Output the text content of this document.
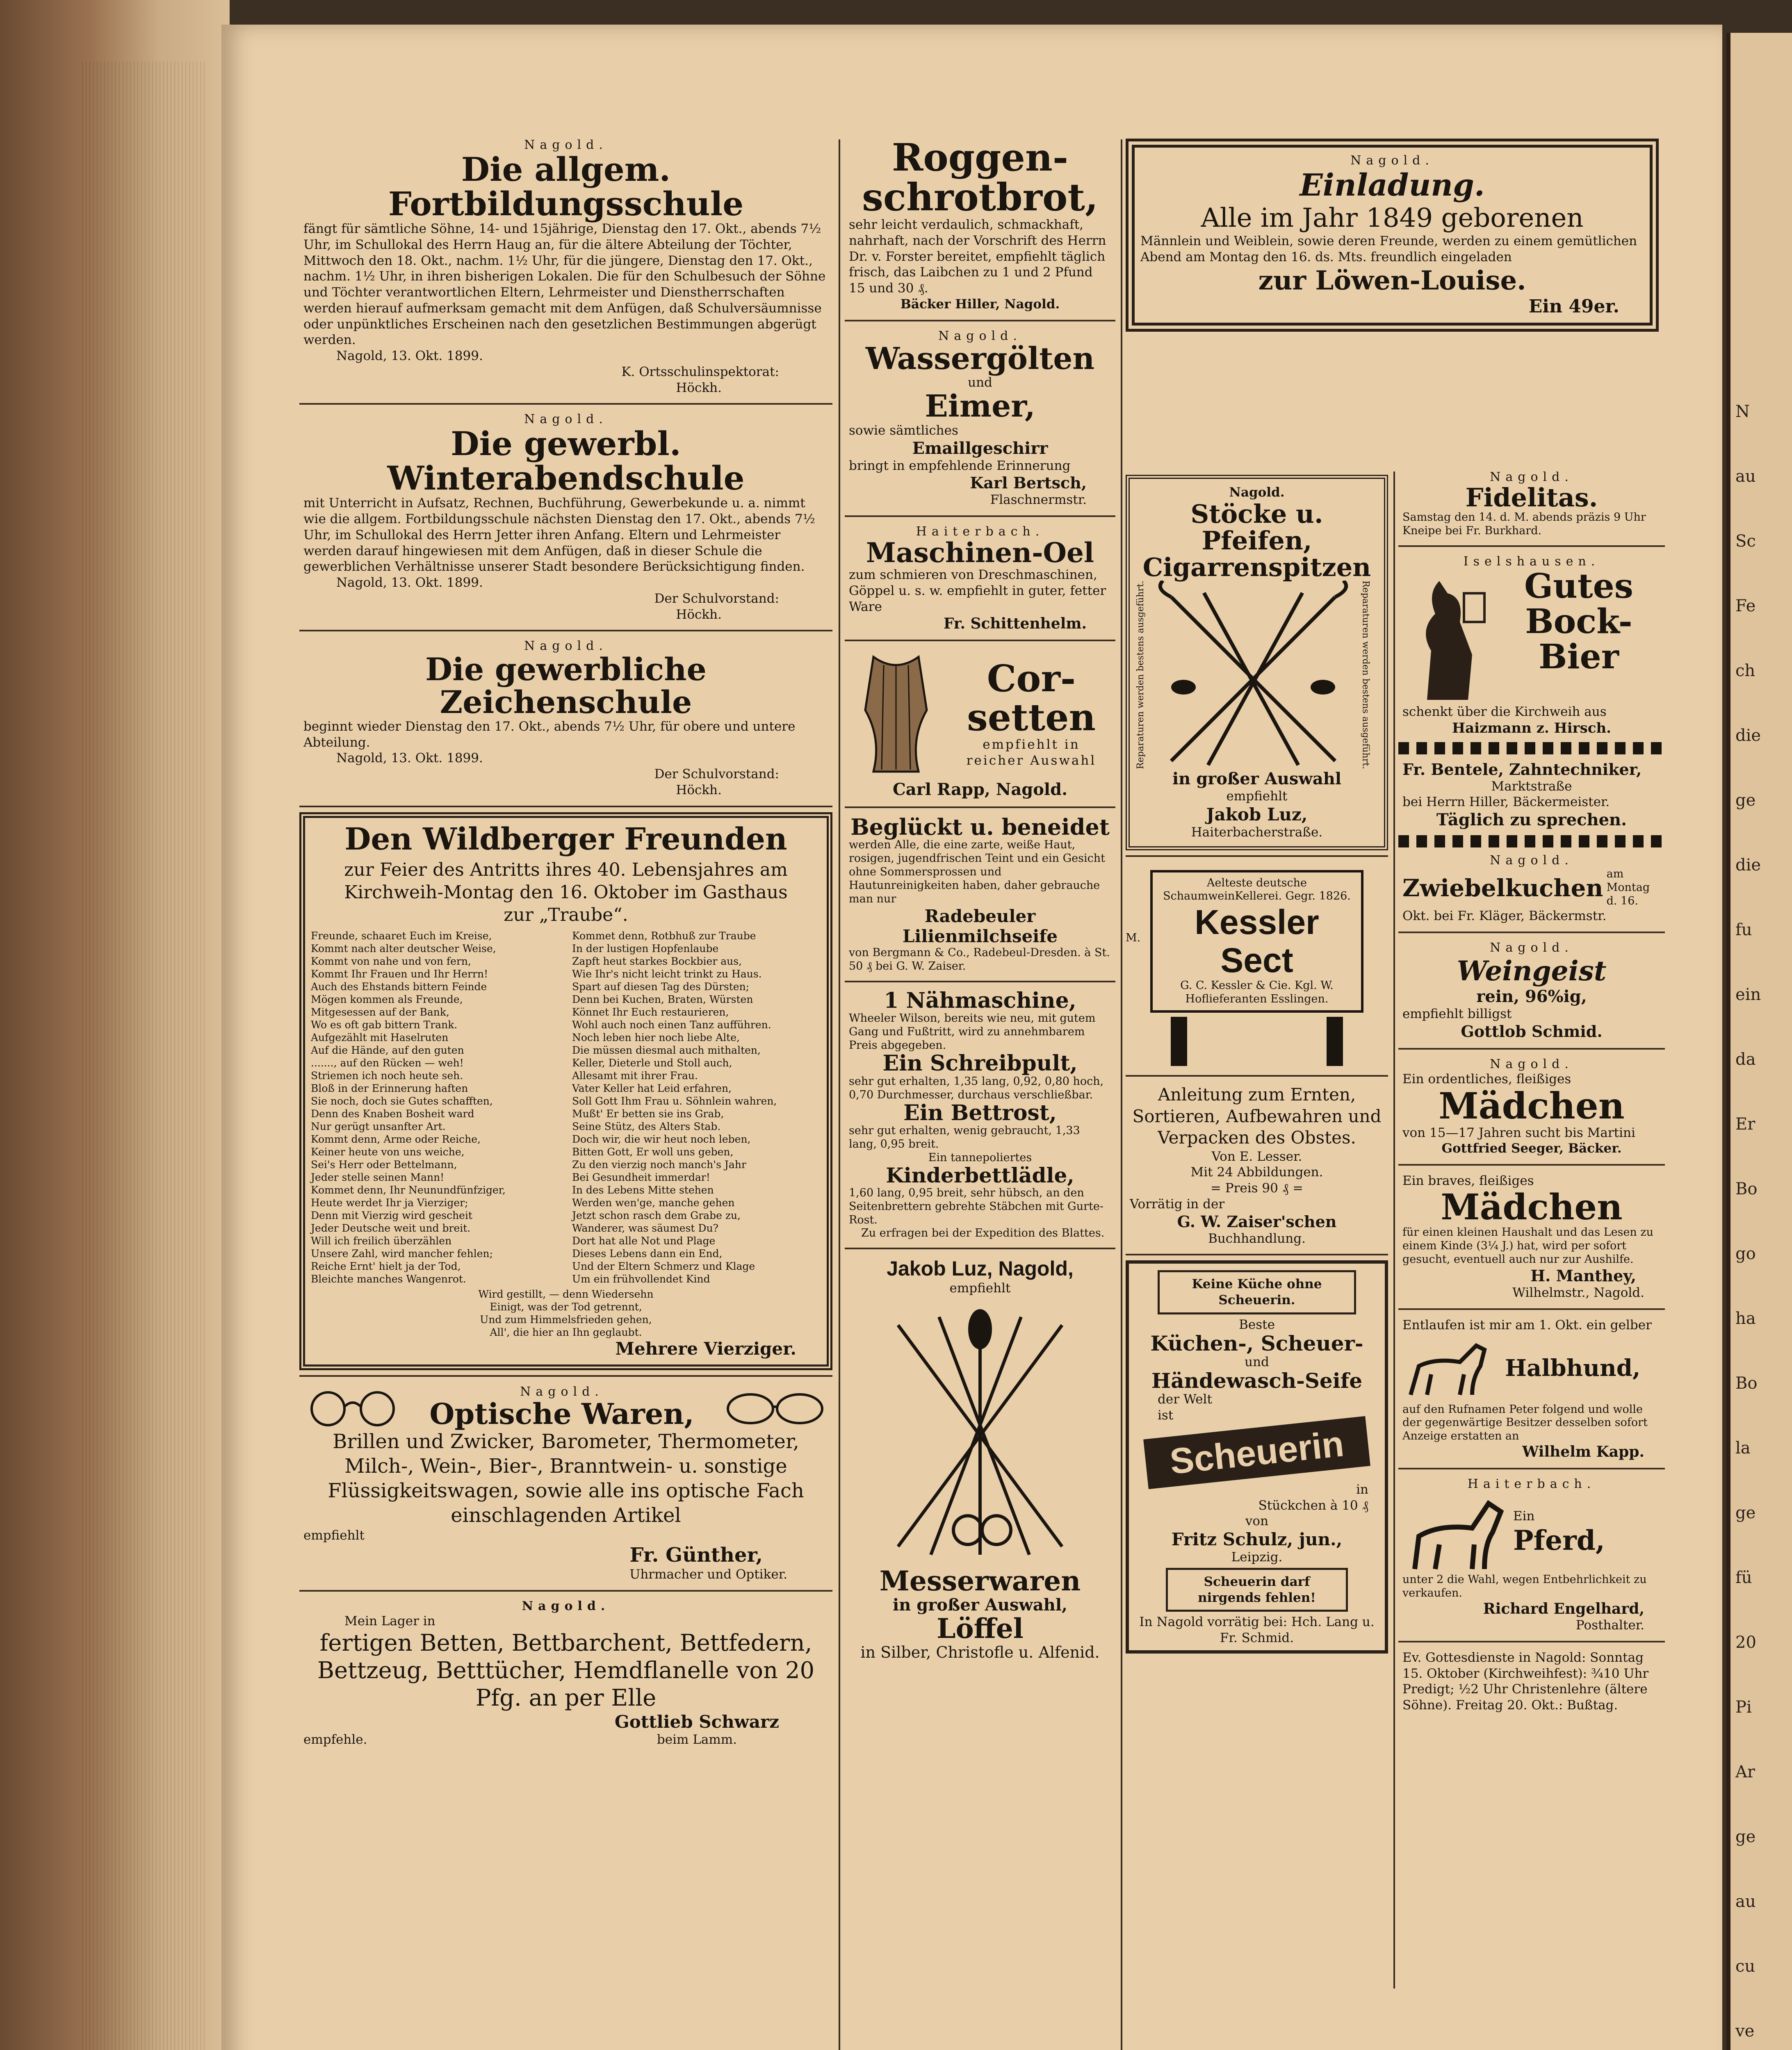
N
au
Sc
Fe
ch
die
ge
die
fu
ein
da
Er
Bo
go
ha
Bo
la
ge
fü
20
Pi
Ar
ge
au
cu
ve
Nagold.
Die allgem. Fortbildungsschule
fängt für sämtliche Söhne, 14- und 15jährige, Dienstag den 17. Okt., abends 7½ Uhr, im Schullokal des Herrn Haug an, für die ältere Abteilung der Töchter, Mittwoch den 18. Okt., nachm. 1½ Uhr, für die jüngere, Dienstag den 17. Okt., nachm. 1½ Uhr, in ihren bisherigen Lokalen. Die für den Schulbesuch der Söhne und Töchter verantwortlichen Eltern, Lehrmeister und Dienstherrschaften werden hierauf aufmerksam gemacht mit dem Anfügen, daß Schulversäumnisse oder unpünktliches Erscheinen nach den gesetzlichen Bestimmungen abgerügt werden.
Nagold, 13. Okt. 1899.
K. Ortsschulinspektorat:
Höckh.
Nagold.
Die gewerbl. Winterabendschule
mit Unterricht in Aufsatz, Rechnen, Buchführung, Gewerbekunde u. a. nimmt wie die allgem. Fortbildungsschule nächsten Dienstag den 17. Okt., abends 7½ Uhr, im Schullokal des Herrn Jetter ihren Anfang. Eltern und Lehrmeister werden darauf hingewiesen mit dem Anfügen, daß in dieser Schule die gewerblichen Verhältnisse unserer Stadt besondere Berücksichtigung finden.
Nagold, 13. Okt. 1899.
Der Schulvorstand:
Höckh.
Nagold.
Die gewerbliche Zeichenschule
beginnt wieder Dienstag den 17. Okt., abends 7½ Uhr, für obere und untere Abteilung.
Nagold, 13. Okt. 1899.
Der Schulvorstand:
Höckh.
Den Wildberger Freunden
zur Feier des Antritts ihres 40. Lebensjahres am Kirchweih-Montag den 16. Oktober im Gasthaus zur „Traube“.
Freunde, schaaret Euch im Kreise,
Kommt nach alter deutscher Weise,
Kommt von nahe und von fern,
Kommt Ihr Frauen und Ihr Herrn!
Auch des Ehstands bittern Feinde
Mögen kommen als Freunde,
Mitgesessen auf der Bank,
Wo es oft gab bittern Trank.
Aufgezählt mit Haselruten
Auf die Hände, auf den guten
......., auf den Rücken — weh!
Striemen ich noch heute seh.
Bloß in der Erinnerung haften
Sie noch, doch sie Gutes schafften,
Denn des Knaben Bosheit ward
Nur gerügt unsanfter Art.
Kommt denn, Arme oder Reiche,
Keiner heute von uns weiche,
Sei's Herr oder Bettelmann,
Jeder stelle seinen Mann!
Kommet denn, Ihr Neunundfünfziger,
Heute werdet Ihr ja Vierziger;
Denn mit Vierzig wird gescheit
Jeder Deutsche weit und breit.
Will ich freilich überzählen
Unsere Zahl, wird mancher fehlen;
Reiche Ernt' hielt ja der Tod,
Bleichte manches Wangenrot.
Kommet denn, Rotbhuß zur Traube
In der lustigen Hopfenlaube
Zapft heut starkes Bockbier aus,
Wie Ihr's nicht leicht trinkt zu Haus.
Spart auf diesen Tag des Dürsten;
Denn bei Kuchen, Braten, Würsten
Könnet Ihr Euch restaurieren,
Wohl auch noch einen Tanz aufführen.
Noch leben hier noch liebe Alte,
Die müssen diesmal auch mithalten,
Keller, Dieterle und Stoll auch,
Allesamt mit ihrer Frau.
Vater Keller hat Leid erfahren,
Soll Gott Ihm Frau u. Söhnlein wahren,
Mußt' Er betten sie ins Grab,
Seine Stütz, des Alters Stab.
Doch wir, die wir heut noch leben,
Bitten Gott, Er woll uns geben,
Zu den vierzig noch manch's Jahr
Bei Gesundheit immerdar!
In des Lebens Mitte stehen
Werden wen'ge, manche gehen
Jetzt schon rasch dem Grabe zu,
Wanderer, was säumest Du?
Dort hat alle Not und Plage
Dieses Lebens dann ein End,
Und der Eltern Schmerz und Klage
Um ein frühvollendet Kind
Wird gestillt, — denn Wiedersehn
Einigt, was der Tod getrennt,
Und zum Himmelsfrieden gehen,
All', die hier an Ihn geglaubt.
Mehrere Vierziger.
Nagold.
Optische Waren,
Brillen und Zwicker, Barometer, Thermometer, Milch-, Wein-, Bier-, Branntwein- u. sonstige Flüssigkeitswagen, sowie alle ins optische Fach einschlagenden Artikel
empfiehlt
Fr. Günther,
Uhrmacher und Optiker.
Nagold.
Mein Lager in
fertigen Betten, Bettbarchent, Bettfedern, Bettzeug, Betttücher, Hemdflanelle von 20 Pfg. an per Elle
empfehle.
Gottlieb Schwarz
beim Lamm.
Roggen-schrotbrot,
sehr leicht verdaulich, schmackhaft, nahrhaft, nach der Vorschrift des Herrn Dr. v. Forster bereitet, empfiehlt täglich frisch, das Laibchen zu 1 und 2 Pfund 15 und 30 ₰.
Bäcker Hiller, Nagold.
Nagold.
Wassergölten
und
Eimer,
sowie sämtliches
Emaillgeschirr
bringt in empfehlende Erinnerung
Karl Bertsch,
Flaschnermstr.
Haiterbach.
Maschinen-Oel
zum schmieren von Dreschmaschinen, Göppel u. s. w. empfiehlt in guter, fetter Ware
Fr. Schittenhelm.
Cor-setten
empfiehlt in reicher Auswahl
Carl Rapp, Nagold.
Beglückt u. beneidet
werden Alle, die eine zarte, weiße Haut, rosigen, jugendfrischen Teint und ein Gesicht ohne Sommersprossen und Hautunreinigkeiten haben, daher gebrauche man nur
Radebeuler Lilienmilchseife
von Bergmann & Co., Radebeul-Dresden. à St. 50 ₰ bei G. W. Zaiser.
1 Nähmaschine,
Wheeler Wilson, bereits wie neu, mit gutem Gang und Fußtritt, wird zu annehmbarem Preis abgegeben.
Ein Schreibpult,
sehr gut erhalten, 1,35 lang, 0,92, 0,80 hoch, 0,70 Durchmesser, durchaus verschließbar.
Ein Bettrost,
sehr gut erhalten, wenig gebraucht, 1,33 lang, 0,95 breit.
Ein tannepoliertes
Kinderbettlädle,
1,60 lang, 0,95 breit, sehr hübsch, an den Seitenbrettern gebrehte Stäbchen mit Gurte-Rost.
Zu erfragen bei der Expedition des Blattes.
Jakob Luz, Nagold,
empfiehlt
Messerwaren
in großer Auswahl,
Löffel
in Silber, Christofle u. Alfenid.
Nagold.
Einladung.
Alle im Jahr 1849 geborenen
Männlein und Weiblein, sowie deren Freunde, werden zu einem gemütlichen Abend am Montag den 16. ds. Mts. freundlich eingeladen
zur Löwen-Louise.
Ein 49er.
Nagold.
Stöcke u. Pfeifen, Cigarrenspitzen
Reparaturen werden bestens ausgeführt.	Reparaturen werden bestens ausgeführt.
in großer Auswahl
empfiehlt
Jakob Luz,
Haiterbacherstraße.
Aelteste deutsche SchaumweinKellerei. Gegr. 1826.
Kessler Sect
G. C. Kessler & Cie. Kgl. W. Hoflieferanten Esslingen.
M.
Anleitung zum Ernten, Sortieren, Aufbewahren und Verpacken des Obstes.
Von E. Lesser.
Mit 24 Abbildungen.
= Preis 90 ₰ =
Vorrätig in der
G. W. Zaiser'schen
Buchhandlung.
Keine Küche ohne Scheuerin.
Beste
Küchen-, Scheuer-
und
Händewasch-Seife
der Welt
ist
Scheuerin
in
Stückchen à 10 ₰
von
Fritz Schulz, jun.,
Leipzig.
Scheuerin darf nirgends fehlen!
In Nagold vorrätig bei: Hch. Lang u. Fr. Schmid.
Nagold.
Fidelitas.
Samstag den 14. d. M. abends präzis 9 Uhr Kneipe bei Fr. Burkhard.
Iselshausen.
Gutes Bock-Bier
schenkt über die Kirchweih aus
Haizmann z. Hirsch.
Fr. Bentele, Zahntechniker,
Marktstraße
bei Herrn Hiller, Bäckermeister.
Täglich zu sprechen.
Nagold.
Zwiebelkuchen am Montag d. 16.
Okt. bei Fr. Kläger, Bäckermstr.
Nagold.
Weingeist
rein, 96%ig,
empfiehlt billigst
Gottlob Schmid.
Nagold.
Ein ordentliches, fleißiges
Mädchen
von 15—17 Jahren sucht bis Martini
Gottfried Seeger, Bäcker.
Ein braves, fleißiges
Mädchen
für einen kleinen Haushalt und das Lesen zu einem Kinde (3¼ J.) hat, wird per sofort gesucht, eventuell auch nur zur Aushilfe.
H. Manthey,
Wilhelmstr., Nagold.
Entlaufen ist mir am 1. Okt. ein gelber
Halbhund,
auf den Rufnamen Peter folgend und wolle der gegenwärtige Besitzer desselben sofort Anzeige erstatten an
Wilhelm Kapp.
Haiterbach.
Ein
Pferd,
unter 2 die Wahl, wegen Entbehrlichkeit zu verkaufen.
Richard Engelhard,
Posthalter.
Ev. Gottesdienste in Nagold: Sonntag 15. Oktober (Kirchweihfest): ¾10 Uhr Predigt; ½2 Uhr Christenlehre (ältere Söhne). Freitag 20. Okt.: Bußtag.
